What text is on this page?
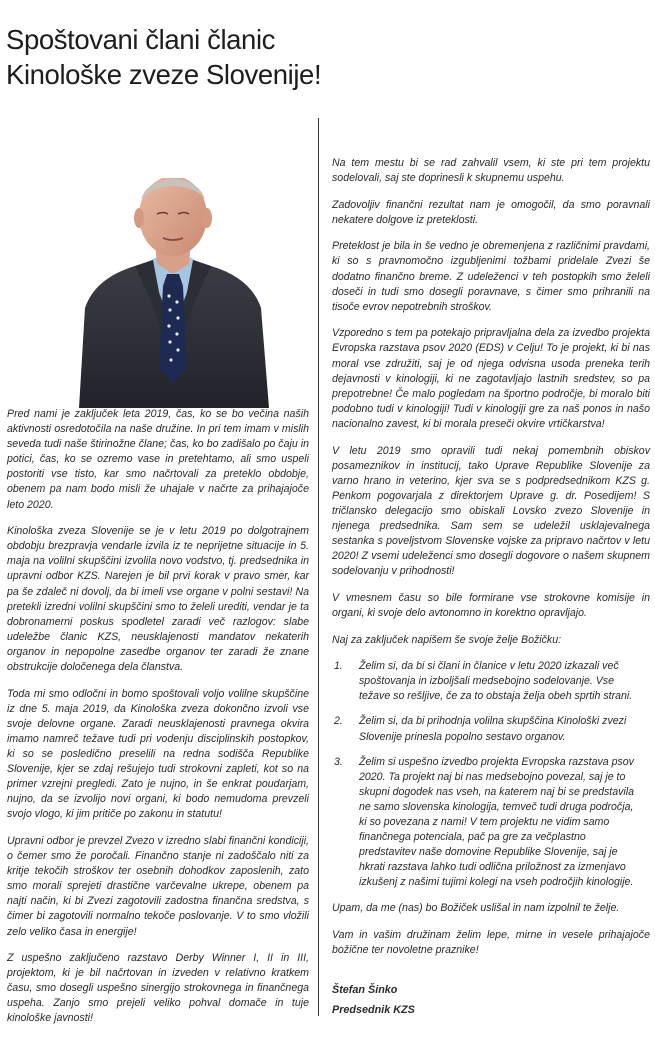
Spoštovani člani članic
Kinološke zveze Slovenije!

Pred nami je zaključek leta 2019, čas, ko se bo večina naših aktivnosti osredotočila na naše družine. In pri tem imam v mislih seveda tudi naše štirinožne člane; čas, ko bo zadišalo po čaju in potici, čas, ko se ozremo vase in pretehtamo, ali smo uspeli postoriti vse tisto, kar smo načrtovali za preteklo obdobje, obenem pa nam bodo misli že uhajale v načrte za prihajajoče leto 2020.

Kinološka zveza Slovenije se je v letu 2019 po dolgotrajnem obdobju brezpravja vendarle izvila iz te neprijetne situacije in 5. maja na volilni skupščini izvolila novo vodstvo, tj. predsednika in upravni odbor KZS. Narejen je bil prvi korak v pravo smer, kar pa še zdaleč ni dovolj, da bi imeli vse organe v polni sestavi! Na pretekli izredni volilni skupščini smo to želeli urediti, vendar je ta dobronamerni poskus spodletel zaradi več razlogov: slabe udeležbe članic KZS, neusklajenosti mandatov nekaterih organov in nepopolne zasedbe organov ter zaradi že znane obstrukcije določenega dela članstva.

Toda mi smo odločni in bomo spoštovali voljo volilne skupščine iz dne 5. maja 2019, da Kinološka zveza dokončno izvoli vse svoje delovne organe. Zaradi neusklajenosti pravnega okvira imamo namreč težave tudi pri vodenju disciplinskih postopkov, ki so se posledično preselili na redna sodišča Republike Slovenije, kjer se zdaj rešujejo tudi strokovni zapleti, kot so na primer vzrejni pregledi. Zato je nujno, in še enkrat poudarjam, nujno, da se izvolijo novi organi, ki bodo nemudoma prevzeli svojo vlogo, ki jim pritiče po zakonu in statutu!

Upravni odbor je prevzel Zvezo v izredno slabi finančni kondiciji, o čemer smo že poročali. Finančno stanje ni zadoščalo niti za kritje tekočih stroškov ter osebnih dohodkov zaposlenih, zato smo morali sprejeti drastične varčevalne ukrepe, obenem pa najti način, ki bi Zvezi zagotovili zadostna finančna sredstva, s čimer bi zagotovili normalno tekoče poslovanje. V to smo vložili zelo veliko časa in energije!

Z uspešno zaključeno razstavo Derby Winner I, II in III, projektom, ki je bil načrtovan in izveden v relativno kratkem času, smo dosegli uspešno sinergijo strokovnega in finančnega uspeha. Zanjo smo prejeli veliko pohval domače in tuje kinološke javnosti!

Na tem mestu bi se rad zahvalil vsem, ki ste pri tem projektu sodelovali, saj ste doprinesli k skupnemu uspehu.

Zadovoljiv finančni rezultat nam je omogočil, da smo poravnali nekatere dolgove iz preteklosti.

Preteklost je bila in še vedno je obremenjena z različnimi pravdami, ki so s pravnomočno izgubljenimi tožbami pridelale Zvezi še dodatno finančno breme. Z udeleženci v teh postopkih smo želeli doseči in tudi smo dosegli poravnave, s čimer smo prihranili na tisoče evrov nepotrebnih stroškov.

Vzporedno s tem pa potekajo pripravljalna dela za izvedbo projekta Evropska razstava psov 2020 (EDS) v Celju! To je projekt, ki bi nas moral vse združiti, saj je od njega odvisna usoda preneka terih dejavnosti v kinologiji, ki ne zagotavljajo lastnih sredstev, so pa prepotrebne! Če malo pogledam na športno področje, bi moralo biti podobno tudi v kinologiji! Tudi v kinologiji gre za naš ponos in našo nacionalno zavest, ki bi morala preseči okvire vrtičkarstva!

V letu 2019 smo opravili tudi nekaj pomembnih obiskov posameznikov in institucij, tako Uprave Republike Slovenije za varno hrano in veterino, kjer sva se s podpredsednikom KZS g. Penkom pogovarjala z direktorjem Uprave g. dr. Posedijem! S tričlansko delegacijo smo obiskali Lovsko zvezo Slovenije in njenega predsednika. Sam sem se udeležil usklajevalnega sestanka s poveljstvom Slovenske vojske za pripravo načrtov v letu 2020! Z vsemi udeleženci smo dosegli dogovore o našem skupnem sodelovanju v prihodnosti!

V vmesnem času so bile formirane vse strokovne komisije in organi, ki svoje delo avtonomno in korektno opravljajo.

Naj za zaključek napišem še svoje želje Božičku:

1.	Želim si, da bi si člani in članice v letu 2020 izkazali več spoštovanja in izboljšali medsebojno sodelovanje. Vse težave so rešljive, če za to obstaja želja obeh sprtih strani.
2.	Želim si, da bi prihodnja volilna skupščina Kinološki zvezi Slovenije prinesla popolno sestavo organov.
3.	Želim si uspešno izvedbo projekta Evropska razstava psov 2020. Ta projekt naj bi nas medsebojno povezal, saj je to skupni dogodek nas vseh, na katerem naj bi se predstavila ne samo slovenska kinologija, temveč tudi druga področja, ki so povezana z nami! V tem projektu ne vidim samo finančnega potenciala, pač pa gre za večplastno predstavitev naše domovine Republike Slovenije, saj je hkrati razstava lahko tudi odlična priložnost za izmenjavo izkušenj z našimi tujimi kolegi na vseh področjih kinologije.

Upam, da me (nas) bo Božiček uslišal in nam izpolnil te želje.

Vam in vašim družinam želim lepe, mirne in vesele prihajajoče božične ter novoletne praznike!

Štefan Šinko
Predsednik KZS
